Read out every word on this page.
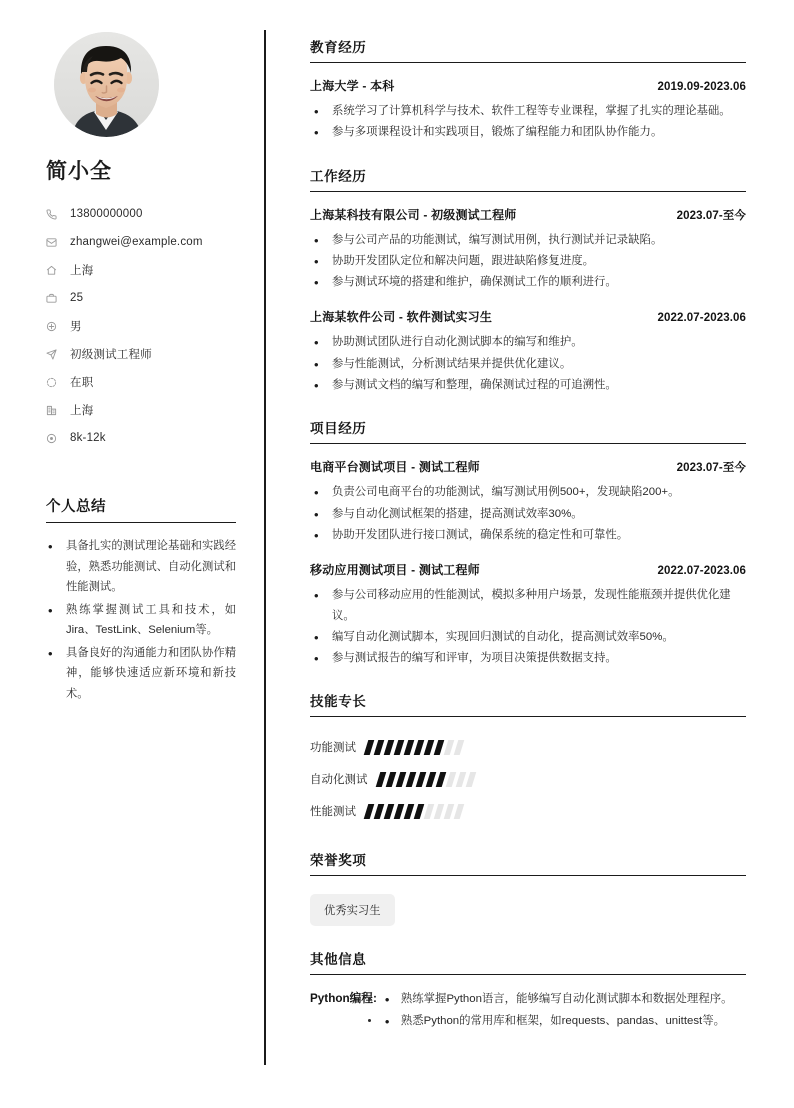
简小全
13800000000
zhangwei@example.com
上海
25
男
初级测试工程师
在职
上海
8k-12k
个人总结

• 具备扎实的测试理论基础和实践经验，熟悉功能测试、自动化测试和性能测试。

• 熟练掌握测试工具和技术，如Jira、TestLink、Selenium等。

• 具备良好的沟通能力和团队协作精神，能够快速适应新环境和新技术。

教育经历
上海大学 - 本科	2019.09-2023.06
• 系统学习了计算机科学与技术、软件工程等专业课程，掌握了扎实的理论基础。
• 参与多项课程设计和实践项目，锻炼了编程能力和团队协作能力。
工作经历
上海某科技有限公司 - 初级测试工程师	2023.07-至今
• 参与公司产品的功能测试，编写测试用例，执行测试并记录缺陷。
• 协助开发团队定位和解决问题，跟进缺陷修复进度。
• 参与测试环境的搭建和维护，确保测试工作的顺利进行。
上海某软件公司 - 软件测试实习生	2022.07-2023.06
• 协助测试团队进行自动化测试脚本的编写和维护。
• 参与性能测试，分析测试结果并提供优化建议。
• 参与测试文档的编写和整理，确保测试过程的可追溯性。
项目经历
电商平台测试项目 - 测试工程师	2023.07-至今
• 负责公司电商平台的功能测试，编写测试用例500+，发现缺陷200+。
• 参与自动化测试框架的搭建，提高测试效率30%。
• 协助开发团队进行接口测试，确保系统的稳定性和可靠性。
移动应用测试项目 - 测试工程师	2022.07-2023.06
• 参与公司移动应用的性能测试，模拟多种用户场景，发现性能瓶颈并提供优化建议。
• 编写自动化测试脚本，实现回归测试的自动化，提高测试效率50%。
• 参与测试报告的编写和评审，为项目决策提供数据支持。
技能专长
功能测试
自动化测试
性能测试
荣誉奖项
优秀实习生
其他信息
Python编程:	• • 熟练掌握Python语言，能够编写自动化测试脚本和数据处理程序。
• • 熟悉Python的常用库和框架，如requests、pandas、unittest等。
